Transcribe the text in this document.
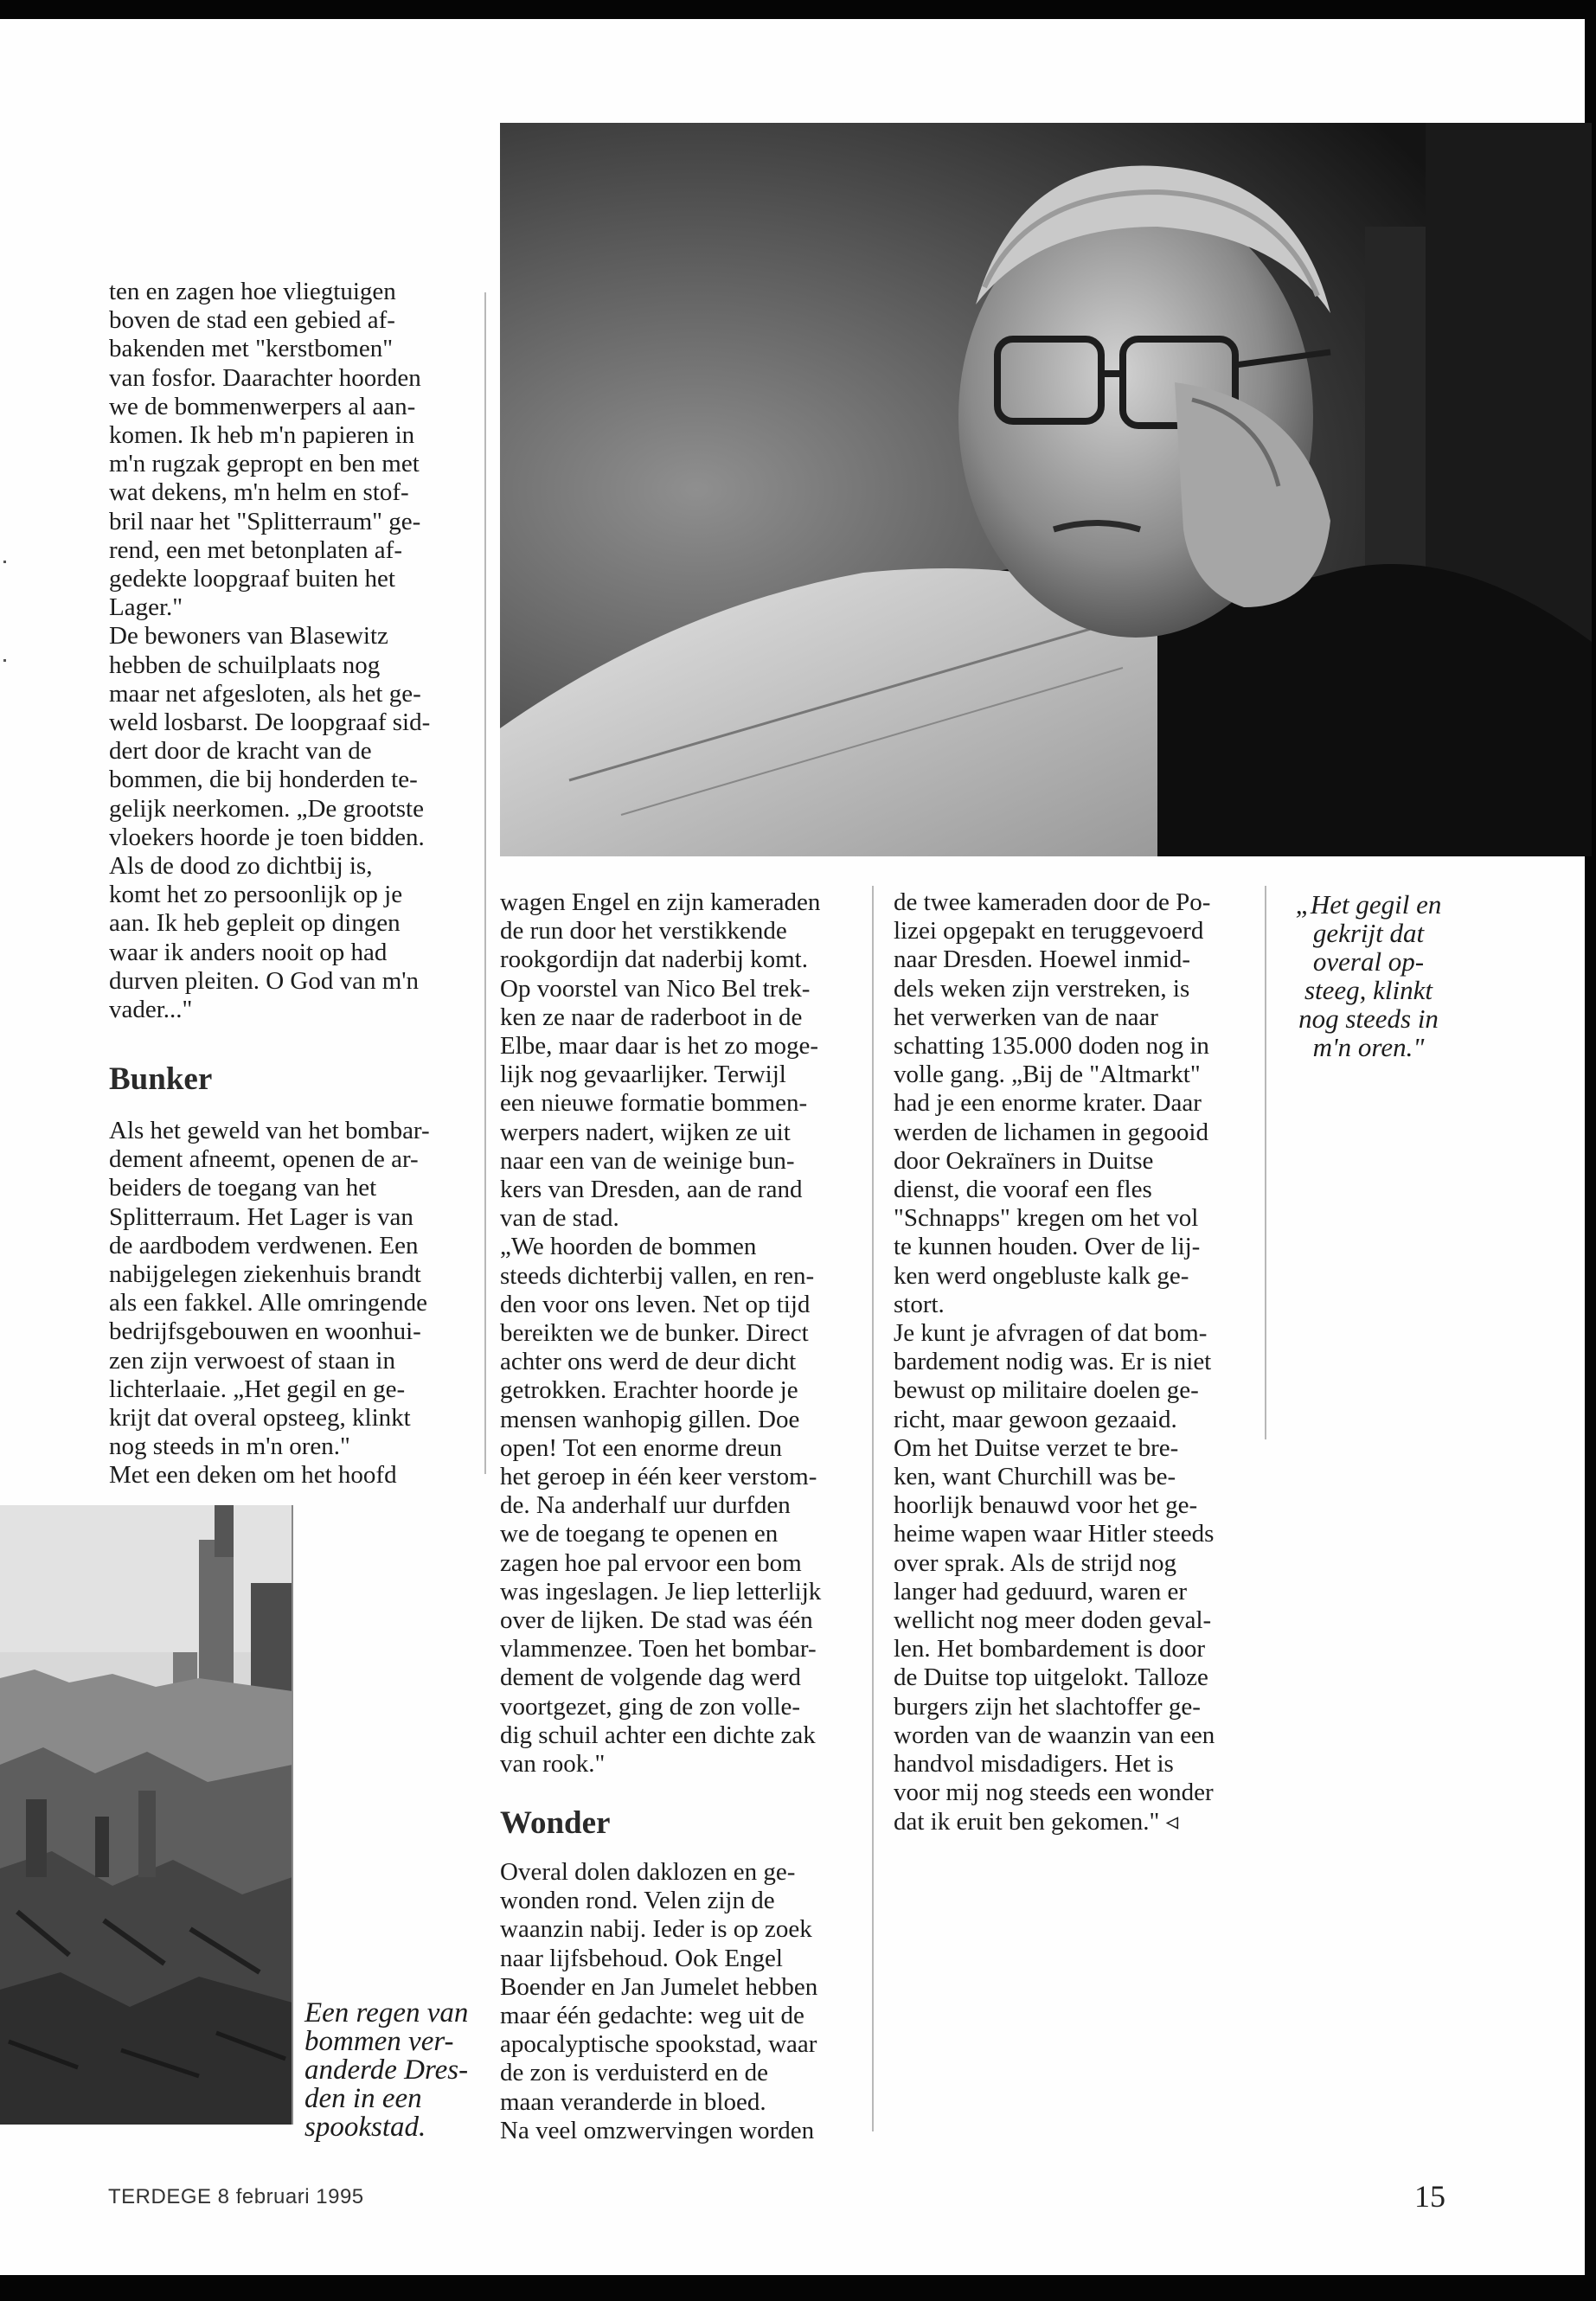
ten en zagen hoe vliegtuigen
boven de stad een gebied af-
bakenden met "kerstbomen"
van fosfor. Daarachter hoorden
we de bommenwerpers al aan-
komen. Ik heb m'n papieren in
m'n rugzak gepropt en ben met
wat dekens, m'n helm en stof-
bril naar het "Splitterraum" ge-
rend, een met betonplaten af-
gedekte loopgraaf buiten het
Lager."
De bewoners van Blasewitz
hebben de schuilplaats nog
maar net afgesloten, als het ge-
weld losbarst. De loopgraaf sid-
dert door de kracht van de
bommen, die bij honderden te-
gelijk neerkomen. „De grootste
vloekers hoorde je toen bidden.
Als de dood zo dichtbij is,
komt het zo persoonlijk op je
aan. Ik heb gepleit op dingen
waar ik anders nooit op had
durven pleiten. O God van m'n
vader..."
Bunker
Als het geweld van het bombar-
dement afneemt, openen de ar-
beiders de toegang van het
Splitterraum. Het Lager is van
de aardbodem verdwenen. Een
nabijgelegen ziekenhuis brandt
als een fakkel. Alle omringende
bedrijfsgebouwen en woonhui-
zen zijn verwoest of staan in
lichterlaaie. „Het gegil en ge-
krijt dat overal opsteeg, klinkt
nog steeds in m'n oren."
Met een deken om het hoofd
wagen Engel en zijn kameraden
de run door het verstikkende
rookgordijn dat naderbij komt.
Op voorstel van Nico Bel trek-
ken ze naar de raderboot in de
Elbe, maar daar is het zo moge-
lijk nog gevaarlijker. Terwijl
een nieuwe formatie bommen-
werpers nadert, wijken ze uit
naar een van de weinige bun-
kers van Dresden, aan de rand
van de stad.
„We hoorden de bommen
steeds dichterbij vallen, en ren-
den voor ons leven. Net op tijd
bereikten we de bunker. Direct
achter ons werd de deur dicht
getrokken. Erachter hoorde je
mensen wanhopig gillen. Doe
open! Tot een enorme dreun
het geroep in één keer verstom-
de. Na anderhalf uur durfden
we de toegang te openen en
zagen hoe pal ervoor een bom
was ingeslagen. Je liep letterlijk
over de lijken. De stad was één
vlammenzee. Toen het bombar-
dement de volgende dag werd
voortgezet, ging de zon volle-
dig schuil achter een dichte zak
van rook."
Wonder
Overal dolen daklozen en ge-
wonden rond. Velen zijn de
waanzin nabij. Ieder is op zoek
naar lijfsbehoud. Ook Engel
Boender en Jan Jumelet hebben
maar één gedachte: weg uit de
apocalyptische spookstad, waar
de zon is verduisterd en de
maan veranderde in bloed.
Na veel omzwervingen worden
de twee kameraden door de Po-
lizei opgepakt en teruggevoerd
naar Dresden. Hoewel inmid-
dels weken zijn verstreken, is
het verwerken van de naar
schatting 135.000 doden nog in
volle gang. „Bij de "Altmarkt"
had je een enorme krater. Daar
werden de lichamen in gegooid
door Oekraïners in Duitse
dienst, die vooraf een fles
"Schnapps" kregen om het vol
te kunnen houden. Over de lij-
ken werd ongebluste kalk ge-
stort.
Je kunt je afvragen of dat bom-
bardement nodig was. Er is niet
bewust op militaire doelen ge-
richt, maar gewoon gezaaid.
Om het Duitse verzet te bre-
ken, want Churchill was be-
hoorlijk benauwd voor het ge-
heime wapen waar Hitler steeds
over sprak. Als de strijd nog
langer had geduurd, waren er
wellicht nog meer doden geval-
len. Het bombardement is door
de Duitse top uitgelokt. Talloze
burgers zijn het slachtoffer ge-
worden van de waanzin van een
handvol misdadigers. Het is
voor mij nog steeds een wonder
dat ik eruit ben gekomen." ◃
„Het gegil en
gekrijt dat
overal op-
steeg, klinkt
nog steeds in
m'n oren."
Een regen van
bommen ver-
anderde Dres-
den in een
spookstad.
TERDEGE 8 februari 1995	15
